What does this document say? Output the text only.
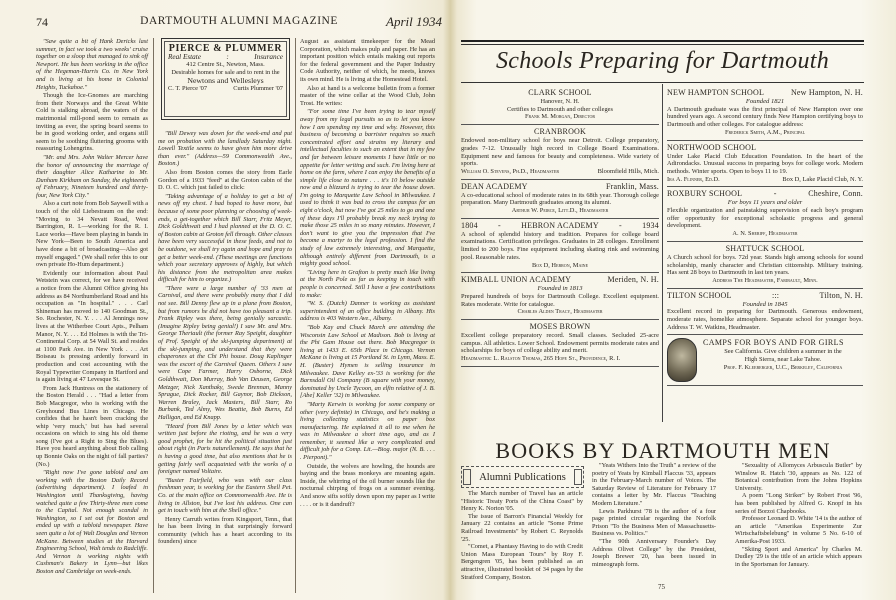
74	DARTMOUTH ALUMNI MAGAZINE	April 1934

"Saw quite a bit of Hank Dericks last summer, in fact we took a two weeks' cruise together on a sloop that managed to sink off Newport. He has been working in the office of the Hegeman-Harris Co. in New York and is living at his home in Colonial Heights, Tuckahoe."

Though the Ice-Gnomes are marching from their Norways and the Great White Cold is stalking abroad, the waters of the matrimonial mill-pond seem to remain as inviting as ever, the spring board seems to be in good working order, and organs still seem to be soothing fluttering grooms with reassuring Lohengrins.

"Mr. and Mrs. John Walter Mercer have the honor of announcing the marriage of their daughter Alice Katharine to Mr. Dunham Kirkham on Sunday, the eighteenth of February, Nineteen hundred and thirty-four, New York City."

Also a curt note from Bob Saywell with a touch of the old Liebestraum on the end: "Moving to 34 Nevatt Road, West Barrington, R. I.—working for the R. I. Lace works—Have been playing in bands in New York—Been to South America and have done a bit of broadcasting—Also got myself engaged." (We shall refer this to our own private Ho-Hum department.)

Evidently our information about Paul Wetstein was correct, for we have received a notice from the Alumni Office giving his address as 84 Northumberland Road and his occupation as "In hospital." . . . Carl Shineman has moved to 140 Goodman St., So. Rochester, N. Y. . . . Al Jennings now lives at the Witherbee Court Apts., Pelham Manor, N. Y. . . . Ed Holmes is with the Tri-Continental Corp. at 54 Wall St. and resides at 1100 Park Ave. in New York . . . Art Boiseau is pressing ardently forward in production and cost accounting with the Royal Typewriter Company in Hartford and is again living at 47 Levesque St.

From Jack Huntress on the stationery of the Boston Herald . . . "Had a letter from Bob Macgregor, who is working with the Greyhound Bus Lines in Chicago. He confides that he hasn't been cracking the whip 'very much,' but has had several occasions on which to sing his old theme song (I've got a Right to Sing the Blues). Have you heard anything about Bob calling up Bonnie Oaks on the night of fall parties? (No.)

"Right now I've gone tabloid and am working with the Boston Daily Record (advertising department). I loafed in Washington until Thanksgiving, having watched quite a few Thirty-three men come to the Capital. Not enough scandal in Washington, so I set out for Boston and ended up with a tabloid newspaper. Have seen quite a lot of Walt Douglas and Vernon McKane. Between studies at the Harvard Engineering School, Walt tends to Radcliffe. And Vernon is working nights with Cushman's Bakery in Lynn—but likes Boston and Cambridge on week-ends.

PIERCE & PLUMMER
Real Estate	:	Insurance
412 Centre St., Newton, Mass.
Desirable homes for sale and to rent in the
Newtons and Wellesleys
C. T. Pierce '07	Curtis Plummer '07

"Bill Dewey was down for the week-end and put me on probation with the landlady Saturday night. Lowell Textile seems to have given him more drive than ever." (Address—59 Commonwealth Ave., Boston.)

Also from Boston comes the story from Earle Gordon of a 1933 "feed" at the Groton cabin of the D. O. C. which just failed to click:

"Taking advantage of a holiday to get a bit of news off my chest. I had hoped to have more, but because of some poor planning or choosing of week-ends, a get-together which Bill Starr, Fritz Meyer, Dick Goldthwait and I had planned at the D. O. C. of Boston cabin at Groton fell through. Other classes have been very successful in these feeds, and not to be outdone, we shall try again and hope and pray to get a better week-end. (These meetings are functions which your secretary approves of highly, but which his distance from the metropolitan area makes difficult for him to organize.)

"There were a large number of '33 men at Carnival, and there were probably many that I did not see. Bill Denny flew up in a plane from Boston, but from rumors he did not have too pleasant a trip. Frank Ripley was there, being genially sarcastic. (Imagine Ripley being genial!) I saw Mr. and Mrs. George Theriault (the former Ray Speight, daughter of Prof. Speight of the ski-jumping department) at the ski-jumping, and understand that they were chaperones at the Chi Phi house. Doug Kaplinger was the escort of the Carnival Queen. Others I saw were Cope Farmer, Harry Osborne, Dick Goldthwait, Don Murray, Bob Van Deusen, George Metzger, Nick Xanthaky, Swede Brennan, Manny Sprague, Dick Rocker, Bill Gaynor, Bob Dickson, Warren Braley, Jack Masters, Bill Starr, Ro Burbank, Ted Almy, Wes Beattie, Bob Burns, Ed Halligan, and Ed Knapp.

"Heard from Bill Jones by a letter which was written just before the rioting, and he was a very good prophet, for he hit the political situation just about right (in Paris naturellement). He says that he is having a good time, but also mentions that he is getting fairly well acquainted with the works of a foreigner named Voltaire.

"Buster Fairfield, who was with our class freshman year, is working for the Eastern Shell Pet. Co. at the main office on Commonwealth Ave. He is living in Allston, but I've lost his address. One can get in touch with him at the Shell office."

Henry Carruth writes from Kingsport, Tenn., that he has been living in that surprisingly forward community (which has a heart according to its founders) since

August as assistant timekeeper for the Mead Corporation, which makes pulp and paper. He has an important position which entails making out reports for the federal government and the Paper Industry Code Authority, neither of which, he meets, knows its own mind. He is living at the Homestead Hotel.

Also at hand is a welcome bulletin from a former master of the wine cellar at the Wood Club, John Trost. He writes:

"For some time I've been trying to tear myself away from my legal pursuits so as to let you know how I am spending my time and why. However, this business of becoming a barrister requires so much concentrated effort and strains my literary and intellectual faculties to such an extent that in my few and far between leisure moments I have little or no appetite for letter writing and such. I'm living here at home on the farm, where I can enjoy the benefits of a simple life close to nature . . . it's 10 below outside now and a blizzard is trying to tear the house down. I'm going to Marquette Law School in Milwaukee. I used to think it was bad to cross the campus for an eight o'clock, but now I've got 25 miles to go and one of these days I'll probably break my neck trying to make those 25 miles in so many minutes. However, I don't want to give you the impression that I've become a martyr to the legal profession. I find the study of law extremely interesting, and Marquette, although entirely different from Dartmouth, is a mighty good school.

"Living here in Grafton is pretty much like living at the North Pole as far as keeping in touch with people is concerned. Still I have a few contributions to make:

"W. S. (Dutch) Danner is working as assistant superintendent of an office building in Albany. His address is 403 Western Ave., Albany.

"Bob Kay and Chuck March are attending the Wisconsin Law School at Madison. Bob is living at the Phi Gam House out there. Bob Macgregor is living at 1433 E. 65th Place in Chicago. Vernon McKane is living at 15 Portland St. in Lynn, Mass. E. H. (Buster) Hymen is selling insurance in Milwaukee. Dave Kelley ex-'33 is working for the Barnsdall Oil Company (B square with your money, dominated by Uncle Tycoon, an elfin relative of J. B. [Abe] Keller '32) in Milwaukee.

"Marty Kerwin is working for some company or other (very definite) in Chicago, and he's making a living collecting statistics on paper box manufacturing. He explained it all to me when he was in Milwaukee a short time ago, and as I remember, it seemed like a very complicated and difficult job for a Comp. Lit.—Biog. major (N. B. . . . . Pierpont)."

Outside, the wolves are howling, the hounds are baying and the brass monkeys are moaning again. Inside, the whirring of the oil burner sounds like the nocturnal chirping of frogs on a summer evening. And snow sifts softly down upon my paper as I write . . . . or is it dandruff?

Schools Preparing for Dartmouth
CLARK SCHOOL
Hanover, N. H.
Certifies to Dartmouth and other colleges
Frank M. Morgan, Director
CRANBROOK
Endowed non-military school for boys near Detroit. College preparatory, grades 7-12. Unusually high record in College Board Examinations. Equipment new and famous for beauty and completeness. Wide variety of sports.
William O. Stevens, Ph.D., Headmaster	Bloomfield Hills, Mich.
DEAN ACADEMY	Franklin, Mass.
A co-educational school of moderate rates in its 68th year. Thorough college preparation. Many Dartmouth graduates among its alumni.
Arthur W. Peirce, Litt.D., Headmaster
1804	-	HEBRON ACADEMY	-	1934
A school of splendid history and tradition. Prepares for college board examinations. Certification privileges. Graduates in 28 colleges. Enrollment limited to 200 boys. Fine equipment including skating rink and swimming pool. Reasonable rates.
Box D, Hebron, Maine
KIMBALL UNION ACADEMY	Meriden, N. H.
Founded in 1813
Prepared hundreds of boys for Dartmouth College. Excellent equipment. Rates moderate. Write for catalogue.
Charles Alden Tracy, Headmaster
MOSES BROWN
Excellent college preparatory record. Small classes. Secluded 25-acre campus. All athletics. Lower School. Endowment permits moderate rates and scholarships for boys of college ability and merit.
Headmaster: L. Ralston Thomas, 265 Hope St., Providence, R. I.
NEW HAMPTON SCHOOL	New Hampton, N. H.
Founded 1821
A Dartmouth graduate was the first principal of New Hampton over one hundred years ago. A second century finds New Hampton certifying boys to Dartmouth and other colleges. For catalogue address:
Frederick Smith, A.M., Principal
NORTHWOOD SCHOOL
Under Lake Placid Club Education Foundation. In the heart of the Adirondacks. Unusual success in preparing boys for college work. Modern methods. Winter sports. Open to boys 11 to 19.
Ira A. Flinner, Ed.D.	Box D, Lake Placid Club, N. Y.
ROXBURY SCHOOL	-	Cheshire, Conn.
For boys 11 years and older
Flexible organization and painstaking supervision of each boy's program offer opportunity for exceptional scholastic progress and general development.
A. N. Sheriff, Headmaster
SHATTUCK SCHOOL
A Church school for boys. 72d year. Stands high among schools for sound scholarship, manly character and Christian citizenship. Military training. Has sent 28 boys to Dartmouth in last ten years.
Address The Headmaster, Faribault, Minn.
TILTON SCHOOL	:::	Tilton, N. H.
Founded in 1845
Excellent record in preparing for Dartmouth. Generous endowment, moderate rates, homelike atmosphere. Separate school for younger boys. Address T. W. Watkins, Headmaster.
CAMPS FOR BOYS AND FOR GIRLS
See California. Give children a summer in the High Sierra, near Lake Tahoe.
Prof. F. Kleeberger, U.C., Berkeley, California
BOOKS BY DARTMOUTH MEN
Alumni Publications

The March number of Travel has an article "Historic Treaty Ports of the China Coast" by Henry K. Norton '05.

The issue of Barron's Financial Weekly for January 22 contains an article "Some Prime Railroad Investments" by Robert C. Reynolds '25.

"Comet, a Phantasy Having to do with Credit Union Mass European Tours" by Roy F. Bergengren '05, has been published as an attractive, illustrated booklet of 34 pages by the Stratford Company, Boston.

"Yeats Withers Into the Truth" a review of the poetry of Yeats by Kimball Flaccus '33, appears in the February-March number of Voices. The Saturday Review of Literature for February 17 contains a letter by Mr. Flaccus "Teaching Modern Literature."

Lewis Parkhurst '78 is the author of a four page printed circular regarding the Norfolk Prison "To the Business Men of Massachusetts-Business vs. Politics."

"The 90th Anniversary Founder's Day Address Olivet College" by the President, Joseph Brewer '20, has been issued in mimeograph form.

"Sexuality of Allomyces Arbuscula Butler" by Winslow R. Hatch '30, appears as No. 122 of Botanical contribution from the Johns Hopkins University.

A poem "Long Striker" by Robert Frost '96, has been published by Alfred G. Knopf in his series of Borzoi Chapbooks.

Professor Leonard D. White '14 is the author of an article "Amerikas Experimente Zur Wirtschaftsbelebung" in volume 5 No. 6-10 of Amerika-Post 1933.

"Skiing Sport and America" by Charles M. Dudley '29 is the title of an article which appears in the Sportsman for January.

75
